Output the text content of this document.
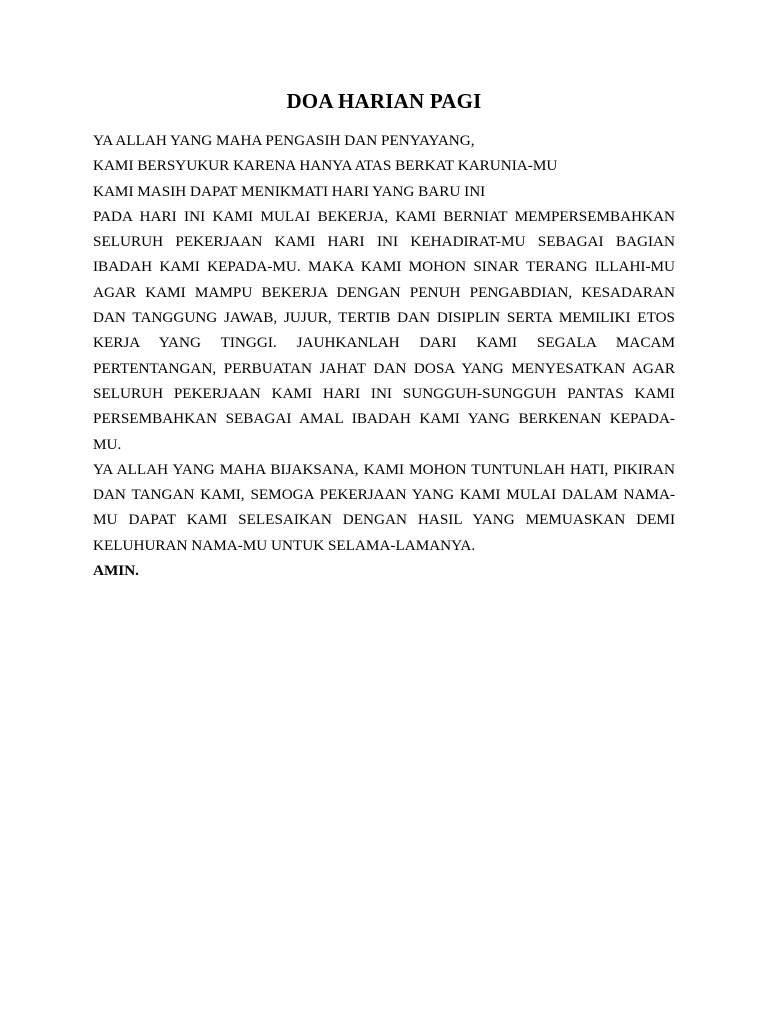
DOA HARIAN PAGI
YA ALLAH YANG MAHA PENGASIH DAN PENYAYANG,
KAMI BERSYUKUR KARENA HANYA ATAS BERKAT KARUNIA-MU
KAMI MASIH DAPAT MENIKMATI HARI YANG BARU INI
PADA HARI INI KAMI MULAI BEKERJA, KAMI BERNIAT MEMPERSEMBAHKAN
SELURUH PEKERJAAN KAMI HARI INI KEHADIRAT-MU SEBAGAI BAGIAN
IBADAH KAMI KEPADA-MU. MAKA KAMI MOHON SINAR TERANG ILLAHI-MU
AGAR KAMI MAMPU BEKERJA DENGAN PENUH PENGABDIAN, KESADARAN
DAN TANGGUNG JAWAB, JUJUR, TERTIB DAN DISIPLIN SERTA MEMILIKI ETOS
KERJA YANG TINGGI. JAUHKANLAH DARI KAMI SEGALA MACAM
PERTENTANGAN, PERBUATAN JAHAT DAN DOSA YANG MENYESATKAN AGAR
SELURUH PEKERJAAN KAMI HARI INI SUNGGUH-SUNGGUH PANTAS KAMI
PERSEMBAHKAN SEBAGAI AMAL IBADAH KAMI YANG BERKENAN KEPADA-
MU.
YA ALLAH YANG MAHA BIJAKSANA, KAMI MOHON TUNTUNLAH HATI, PIKIRAN
DAN TANGAN KAMI, SEMOGA PEKERJAAN YANG KAMI MULAI DALAM NAMA-
MU DAPAT KAMI SELESAIKAN DENGAN HASIL YANG MEMUASKAN DEMI
KELUHURAN NAMA-MU UNTUK SELAMA-LAMANYA.
AMIN.
